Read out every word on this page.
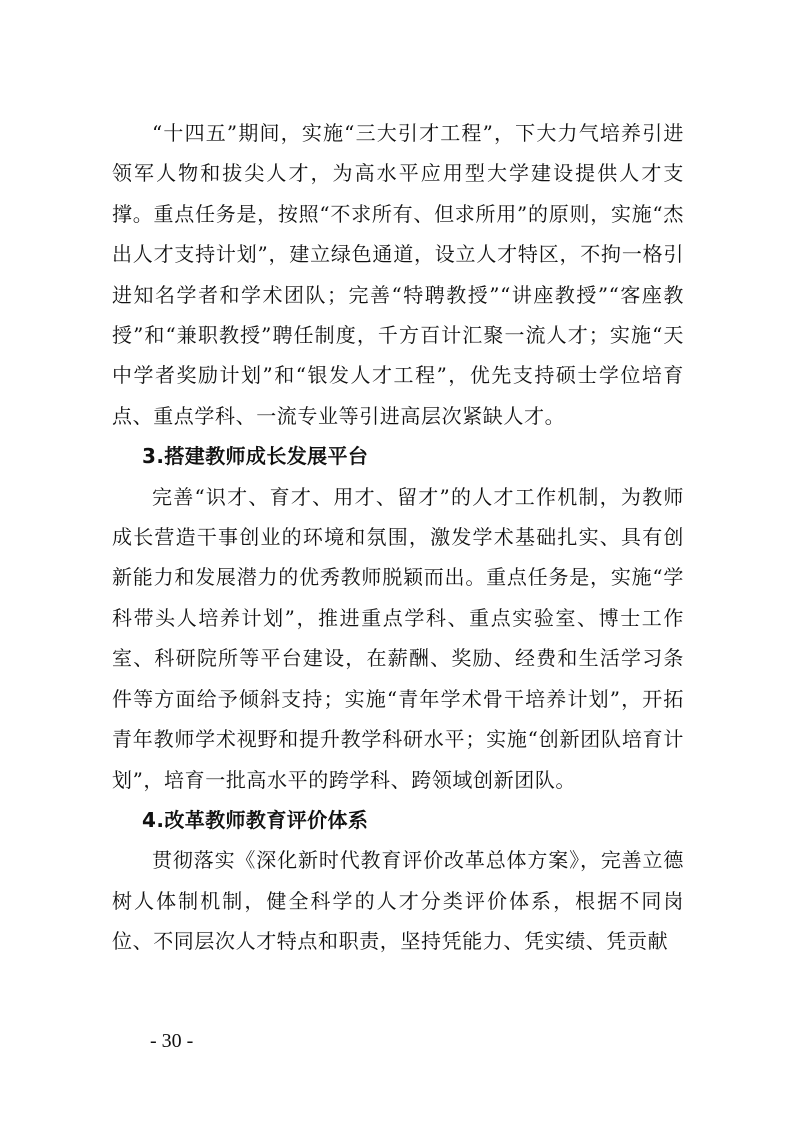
“十四五”期间，实施“三大引才工程”，下大力气培养引进领军人物和拔尖人才，为高水平应用型大学建设提供人才支撑。重点任务是，按照“不求所有、但求所用”的原则，实施“杰出人才支持计划”，建立绿色通道，设立人才特区，不拘一格引进知名学者和学术团队；完善“特聘教授”“讲座教授”“客座教授”和“兼职教授”聘任制度，千方百计汇聚一流人才；实施“天中学者奖励计划”和“银发人才工程”，优先支持硕士学位培育点、重点学科、一流专业等引进高层次紧缺人才。

3.搭建教师成长发展平台

完善“识才、育才、用才、留才”的人才工作机制，为教师成长营造干事创业的环境和氛围，激发学术基础扎实、具有创新能力和发展潜力的优秀教师脱颖而出。重点任务是，实施“学科带头人培养计划”，推进重点学科、重点实验室、博士工作室、科研院所等平台建设，在薪酬、奖励、经费和生活学习条件等方面给予倾斜支持；实施“青年学术骨干培养计划”，开拓青年教师学术视野和提升教学科研水平；实施“创新团队培育计划”，培育一批高水平的跨学科、跨领域创新团队。

4.改革教师教育评价体系

贯彻落实《深化新时代教育评价改革总体方案》，完善立德树人体制机制，健全科学的人才分类评价体系，根据不同岗位、不同层次人才特点和职责，坚持凭能力、凭实绩、凭贡献

- 30 -
